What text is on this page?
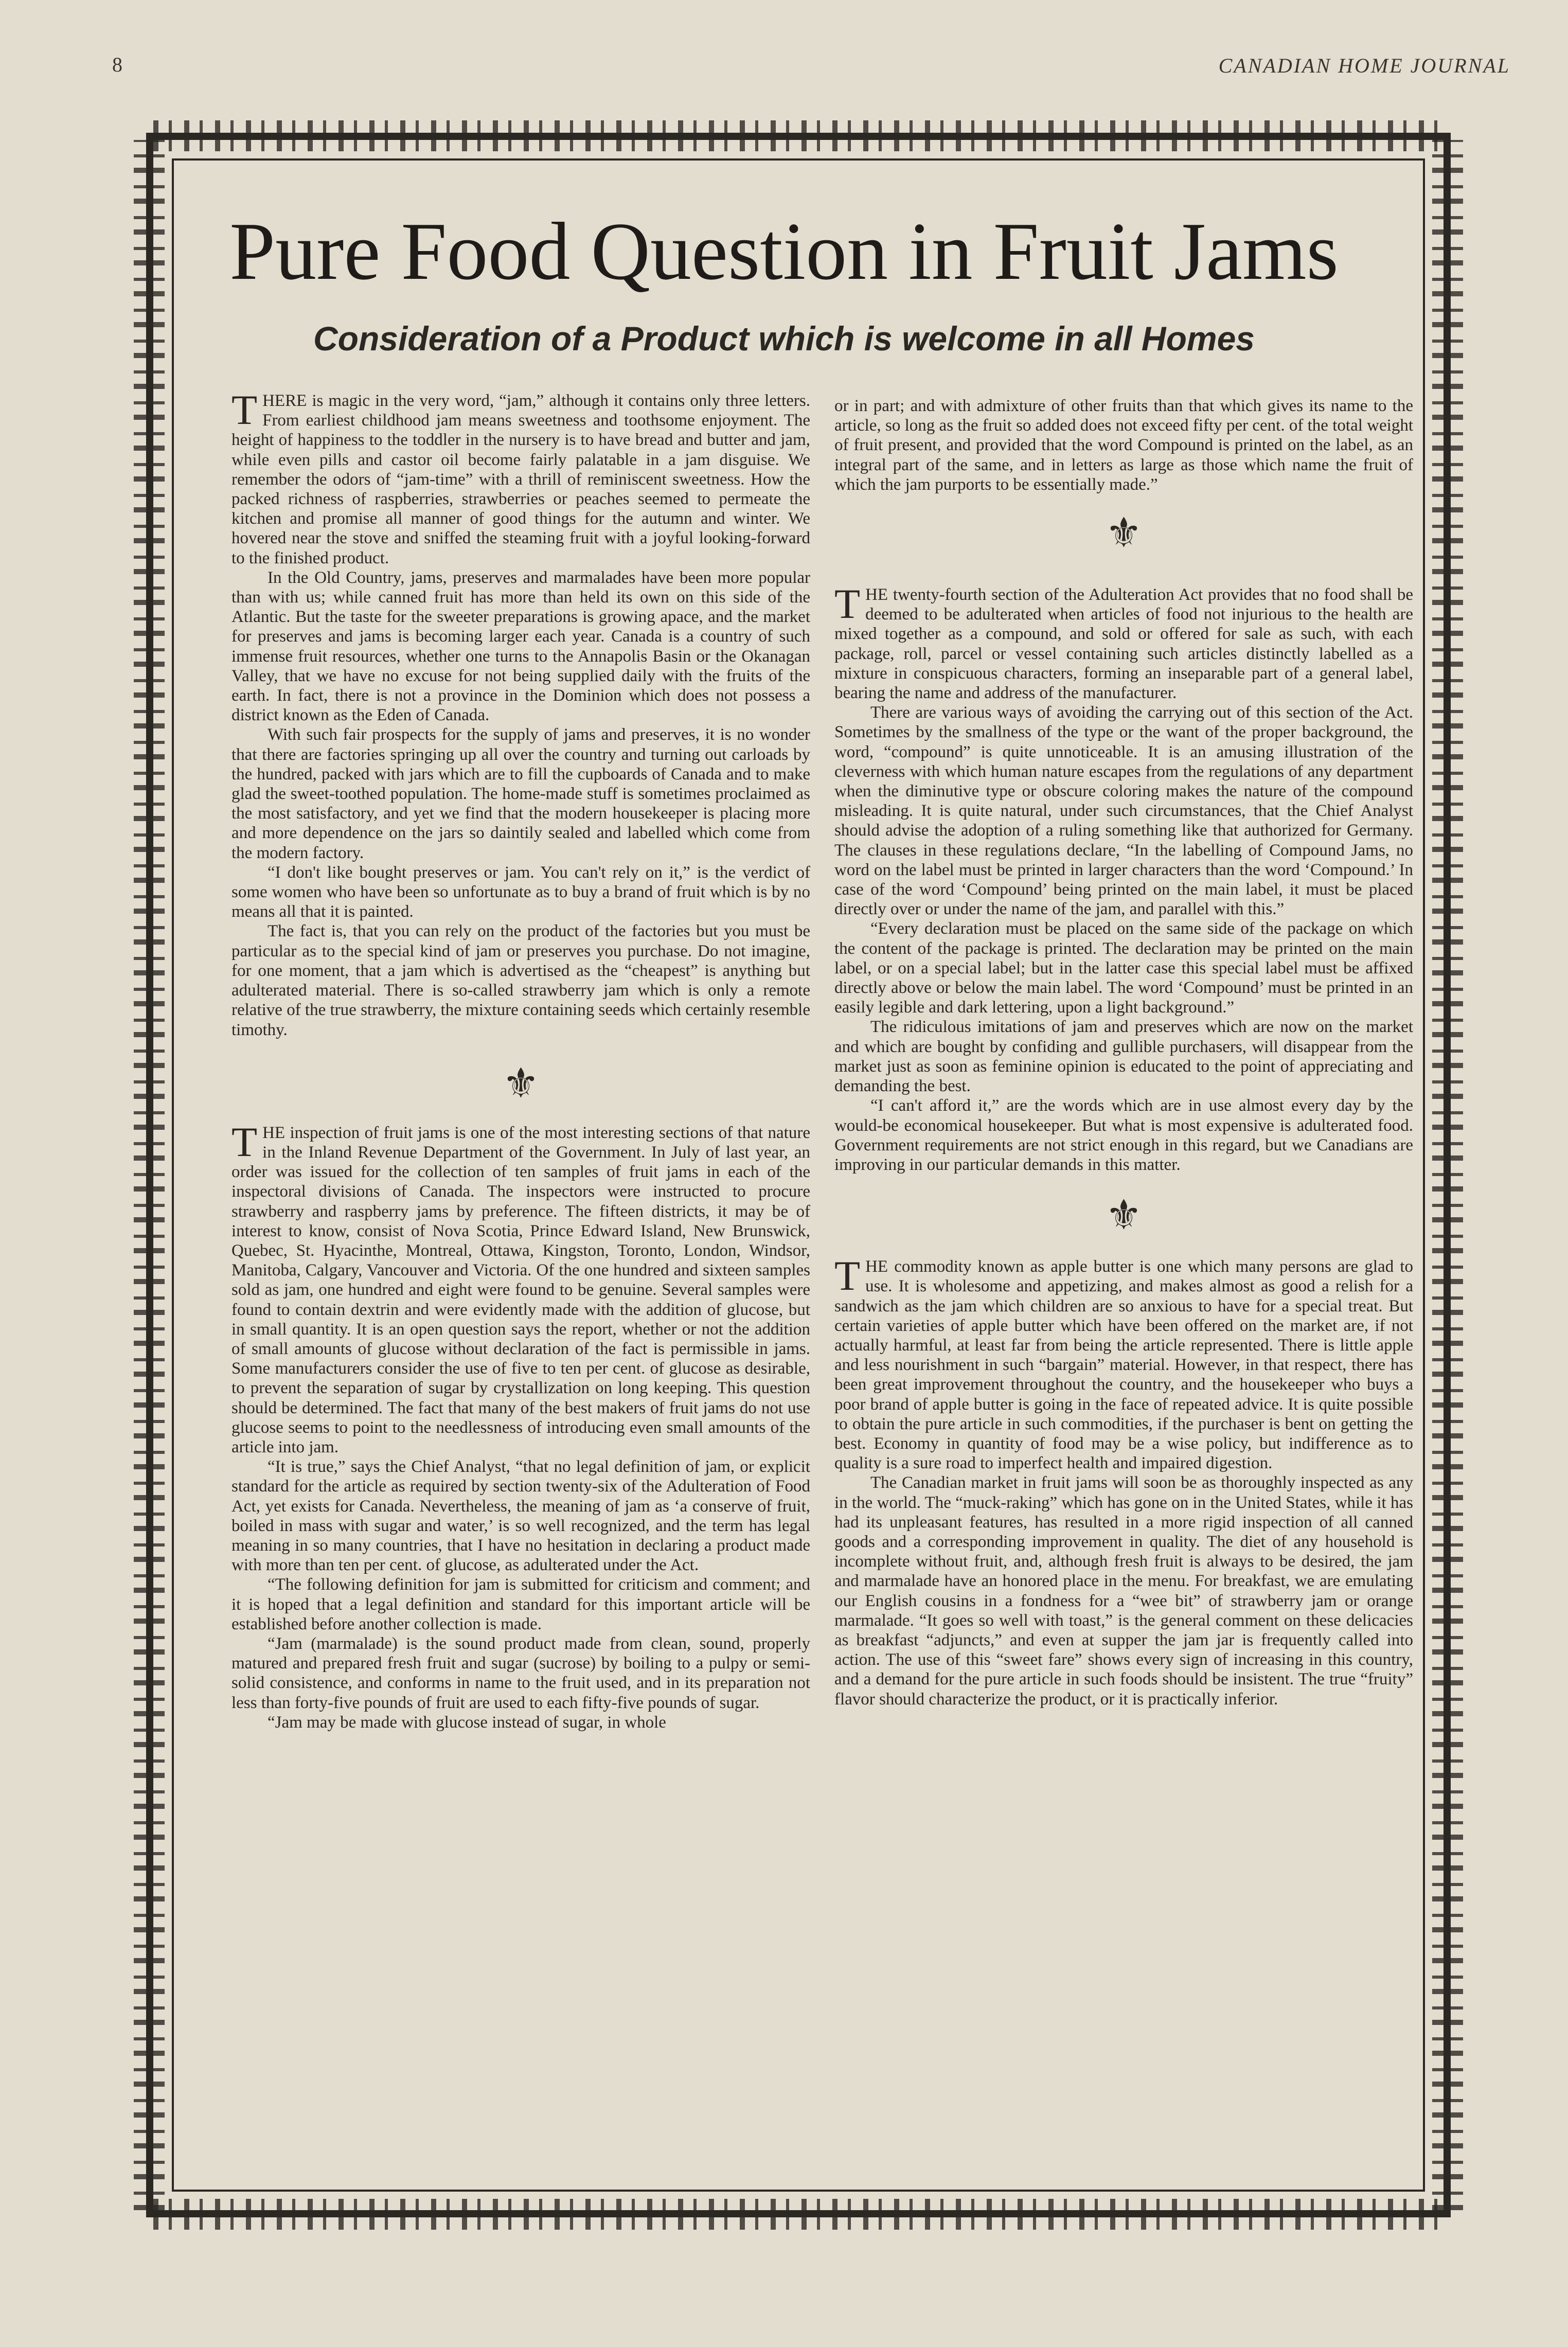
8	CANADIAN HOME JOURNAL
Pure Food Question in Fruit Jams
Consideration of a Product which is welcome in all Homes
T HERE is magic in the very word, “jam,” although it contains only three letters. From earliest childhood jam means sweetness and toothsome enjoyment. The height of happiness to the toddler in the nursery is to have bread and butter and jam, while even pills and castor oil become fairly palatable in a jam disguise. We remember the odors of “jam-time” with a thrill of reminiscent sweetness. How the packed richness of raspberries, strawberries or peaches seemed to permeate the kitchen and promise all manner of good things for the autumn and winter. We hovered near the stove and sniffed the steaming fruit with a joyful looking-forward to the finished product.

In the Old Country, jams, preserves and marmalades have been more popular than with us; while canned fruit has more than held its own on this side of the Atlantic. But the taste for the sweeter preparations is growing apace, and the market for preserves and jams is becoming larger each year. Canada is a country of such immense fruit resources, whether one turns to the Annapolis Basin or the Okanagan Valley, that we have no excuse for not being supplied daily with the fruits of the earth. In fact, there is not a province in the Dominion which does not possess a district known as the Eden of Canada.

With such fair prospects for the supply of jams and preserves, it is no wonder that there are factories springing up all over the country and turning out carloads by the hundred, packed with jars which are to fill the cupboards of Canada and to make glad the sweet-toothed population. The home-made stuff is sometimes proclaimed as the most satisfactory, and yet we find that the modern housekeeper is placing more and more dependence on the jars so daintily sealed and labelled which come from the modern factory.

“I don't like bought preserves or jam. You can't rely on it,” is the verdict of some women who have been so unfortunate as to buy a brand of fruit which is by no means all that it is painted.

The fact is, that you can rely on the product of the factories but you must be particular as to the special kind of jam or preserves you purchase. Do not imagine, for one moment, that a jam which is advertised as the “cheapest” is anything but adulterated material. There is so-called strawberry jam which is only a remote relative of the true strawberry, the mixture containing seeds which certainly resemble timothy.

⚜
T HE inspection of fruit jams is one of the most interesting sections of that nature in the Inland Revenue Department of the Government. In July of last year, an order was issued for the collection of ten samples of fruit jams in each of the inspectoral divisions of Canada. The inspectors were instructed to procure strawberry and raspberry jams by preference. The fifteen districts, it may be of interest to know, consist of Nova Scotia, Prince Edward Island, New Brunswick, Quebec, St. Hyacinthe, Montreal, Ottawa, Kingston, Toronto, London, Windsor, Manitoba, Calgary, Vancouver and Victoria. Of the one hundred and sixteen samples sold as jam, one hundred and eight were found to be genuine. Several samples were found to contain dextrin and were evidently made with the addition of glucose, but in small quantity. It is an open question says the report, whether or not the addition of small amounts of glucose without declaration of the fact is permissible in jams. Some manufacturers consider the use of five to ten per cent. of glucose as desirable, to prevent the separation of sugar by crystallization on long keeping. This question should be determined. The fact that many of the best makers of fruit jams do not use glucose seems to point to the needlessness of introducing even small amounts of the article into jam.

“It is true,” says the Chief Analyst, “that no legal definition of jam, or explicit standard for the article as required by section twenty-six of the Adulteration of Food Act, yet exists for Canada. Nevertheless, the meaning of jam as ‘a conserve of fruit, boiled in mass with sugar and water,’ is so well recognized, and the term has legal meaning in so many countries, that I have no hesitation in declaring a product made with more than ten per cent. of glucose, as adulterated under the Act.

“The following definition for jam is submitted for criticism and comment; and it is hoped that a legal definition and standard for this important article will be established before another collection is made.

“Jam (marmalade) is the sound product made from clean, sound, properly matured and prepared fresh fruit and sugar (sucrose) by boiling to a pulpy or semi-solid consistence, and conforms in name to the fruit used, and in its preparation not less than forty-five pounds of fruit are used to each fifty-five pounds of sugar.

“Jam may be made with glucose instead of sugar, in whole

or in part; and with admixture of other fruits than that which gives its name to the article, so long as the fruit so added does not exceed fifty per cent. of the total weight of fruit present, and provided that the word Compound is printed on the label, as an integral part of the same, and in letters as large as those which name the fruit of which the jam purports to be essentially made.”

⚜
T HE twenty-fourth section of the Adulteration Act provides that no food shall be deemed to be adulterated when articles of food not injurious to the health are mixed together as a compound, and sold or offered for sale as such, with each package, roll, parcel or vessel containing such articles distinctly labelled as a mixture in conspicuous characters, forming an inseparable part of a general label, bearing the name and address of the manufacturer.

There are various ways of avoiding the carrying out of this section of the Act. Sometimes by the smallness of the type or the want of the proper background, the word, “compound” is quite unnoticeable. It is an amusing illustration of the cleverness with which human nature escapes from the regulations of any department when the diminutive type or obscure coloring makes the nature of the compound misleading. It is quite natural, under such circumstances, that the Chief Analyst should advise the adoption of a ruling something like that authorized for Germany. The clauses in these regulations declare, “In the labelling of Compound Jams, no word on the label must be printed in larger characters than the word ‘Compound.’ In case of the word ‘Compound’ being printed on the main label, it must be placed directly over or under the name of the jam, and parallel with this.”

“Every declaration must be placed on the same side of the package on which the content of the package is printed. The declaration may be printed on the main label, or on a special label; but in the latter case this special label must be affixed directly above or below the main label. The word ‘Compound’ must be printed in an easily legible and dark lettering, upon a light background.”

The ridiculous imitations of jam and preserves which are now on the market and which are bought by confiding and gullible purchasers, will disappear from the market just as soon as feminine opinion is educated to the point of appreciating and demanding the best.

“I can't afford it,” are the words which are in use almost every day by the would-be economical housekeeper. But what is most expensive is adulterated food. Government requirements are not strict enough in this regard, but we Canadians are improving in our particular demands in this matter.

⚜
T HE commodity known as apple butter is one which many persons are glad to use. It is wholesome and appetizing, and makes almost as good a relish for a sandwich as the jam which children are so anxious to have for a special treat. But certain varieties of apple butter which have been offered on the market are, if not actually harmful, at least far from being the article represented. There is little apple and less nourishment in such “bargain” material. However, in that respect, there has been great improvement throughout the country, and the housekeeper who buys a poor brand of apple butter is going in the face of repeated advice. It is quite possible to obtain the pure article in such commodities, if the purchaser is bent on getting the best. Economy in quantity of food may be a wise policy, but indifference as to quality is a sure road to imperfect health and impaired digestion.

The Canadian market in fruit jams will soon be as thoroughly inspected as any in the world. The “muck-raking” which has gone on in the United States, while it has had its unpleasant features, has resulted in a more rigid inspection of all canned goods and a corresponding improvement in quality. The diet of any household is incomplete without fruit, and, although fresh fruit is always to be desired, the jam and marmalade have an honored place in the menu. For breakfast, we are emulating our English cousins in a fondness for a “wee bit” of strawberry jam or orange marmalade. “It goes so well with toast,” is the general comment on these delicacies as breakfast “adjuncts,” and even at supper the jam jar is frequently called into action. The use of this “sweet fare” shows every sign of increasing in this country, and a demand for the pure article in such foods should be insistent. The true “fruity” flavor should characterize the product, or it is practically inferior.
